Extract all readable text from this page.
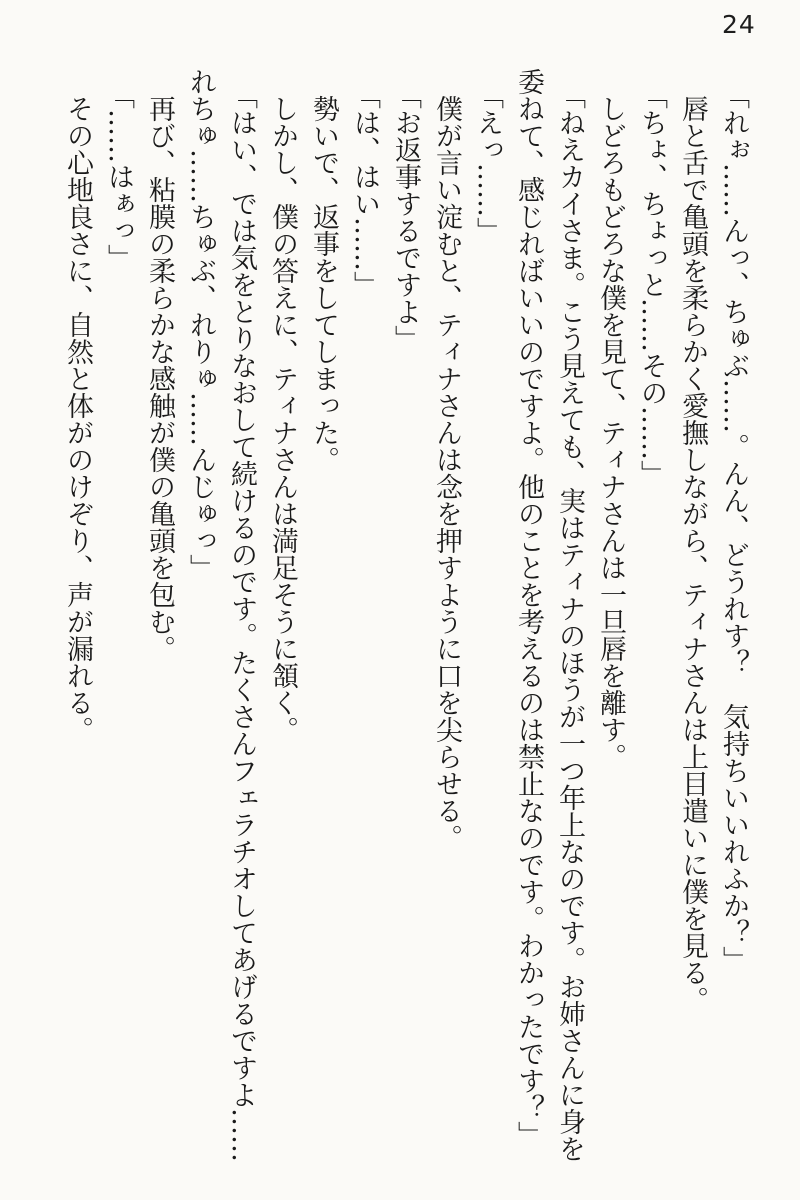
24

「れぉ……んっ、ちゅぶ……。んん、どうれす？　気持ちいいれふか？」

唇と舌で亀頭を柔らかく愛撫しながら、ティナさんは上目遣いに僕を見る。

「ちょ、ちょっと……その……」

しどろもどろな僕を見て、ティナさんは一旦唇を離す。

「ねえカイさま。こう見えても、実はティナのほうが一つ年上なのです。お姉さんに身を委ねて、感じればいいのですよ。他のことを考えるのは禁止なのです。わかったです？」

「えっ……」

僕が言い淀むと、ティナさんは念を押すように口を尖らせる。

「お返事するですよ」

「は、はい……」

勢いで、返事をしてしまった。

しかし、僕の答えに、ティナさんは満足そうに頷く。

「はい、では気をとりなおして続けるのです。たくさんフェラチオしてあげるですよ……れちゅ……ちゅぶ、れりゅ……んじゅっ」

再び、粘膜の柔らかな感触が僕の亀頭を包む。

「……はぁっ」

その心地良さに、自然と体がのけぞり、声が漏れる。
